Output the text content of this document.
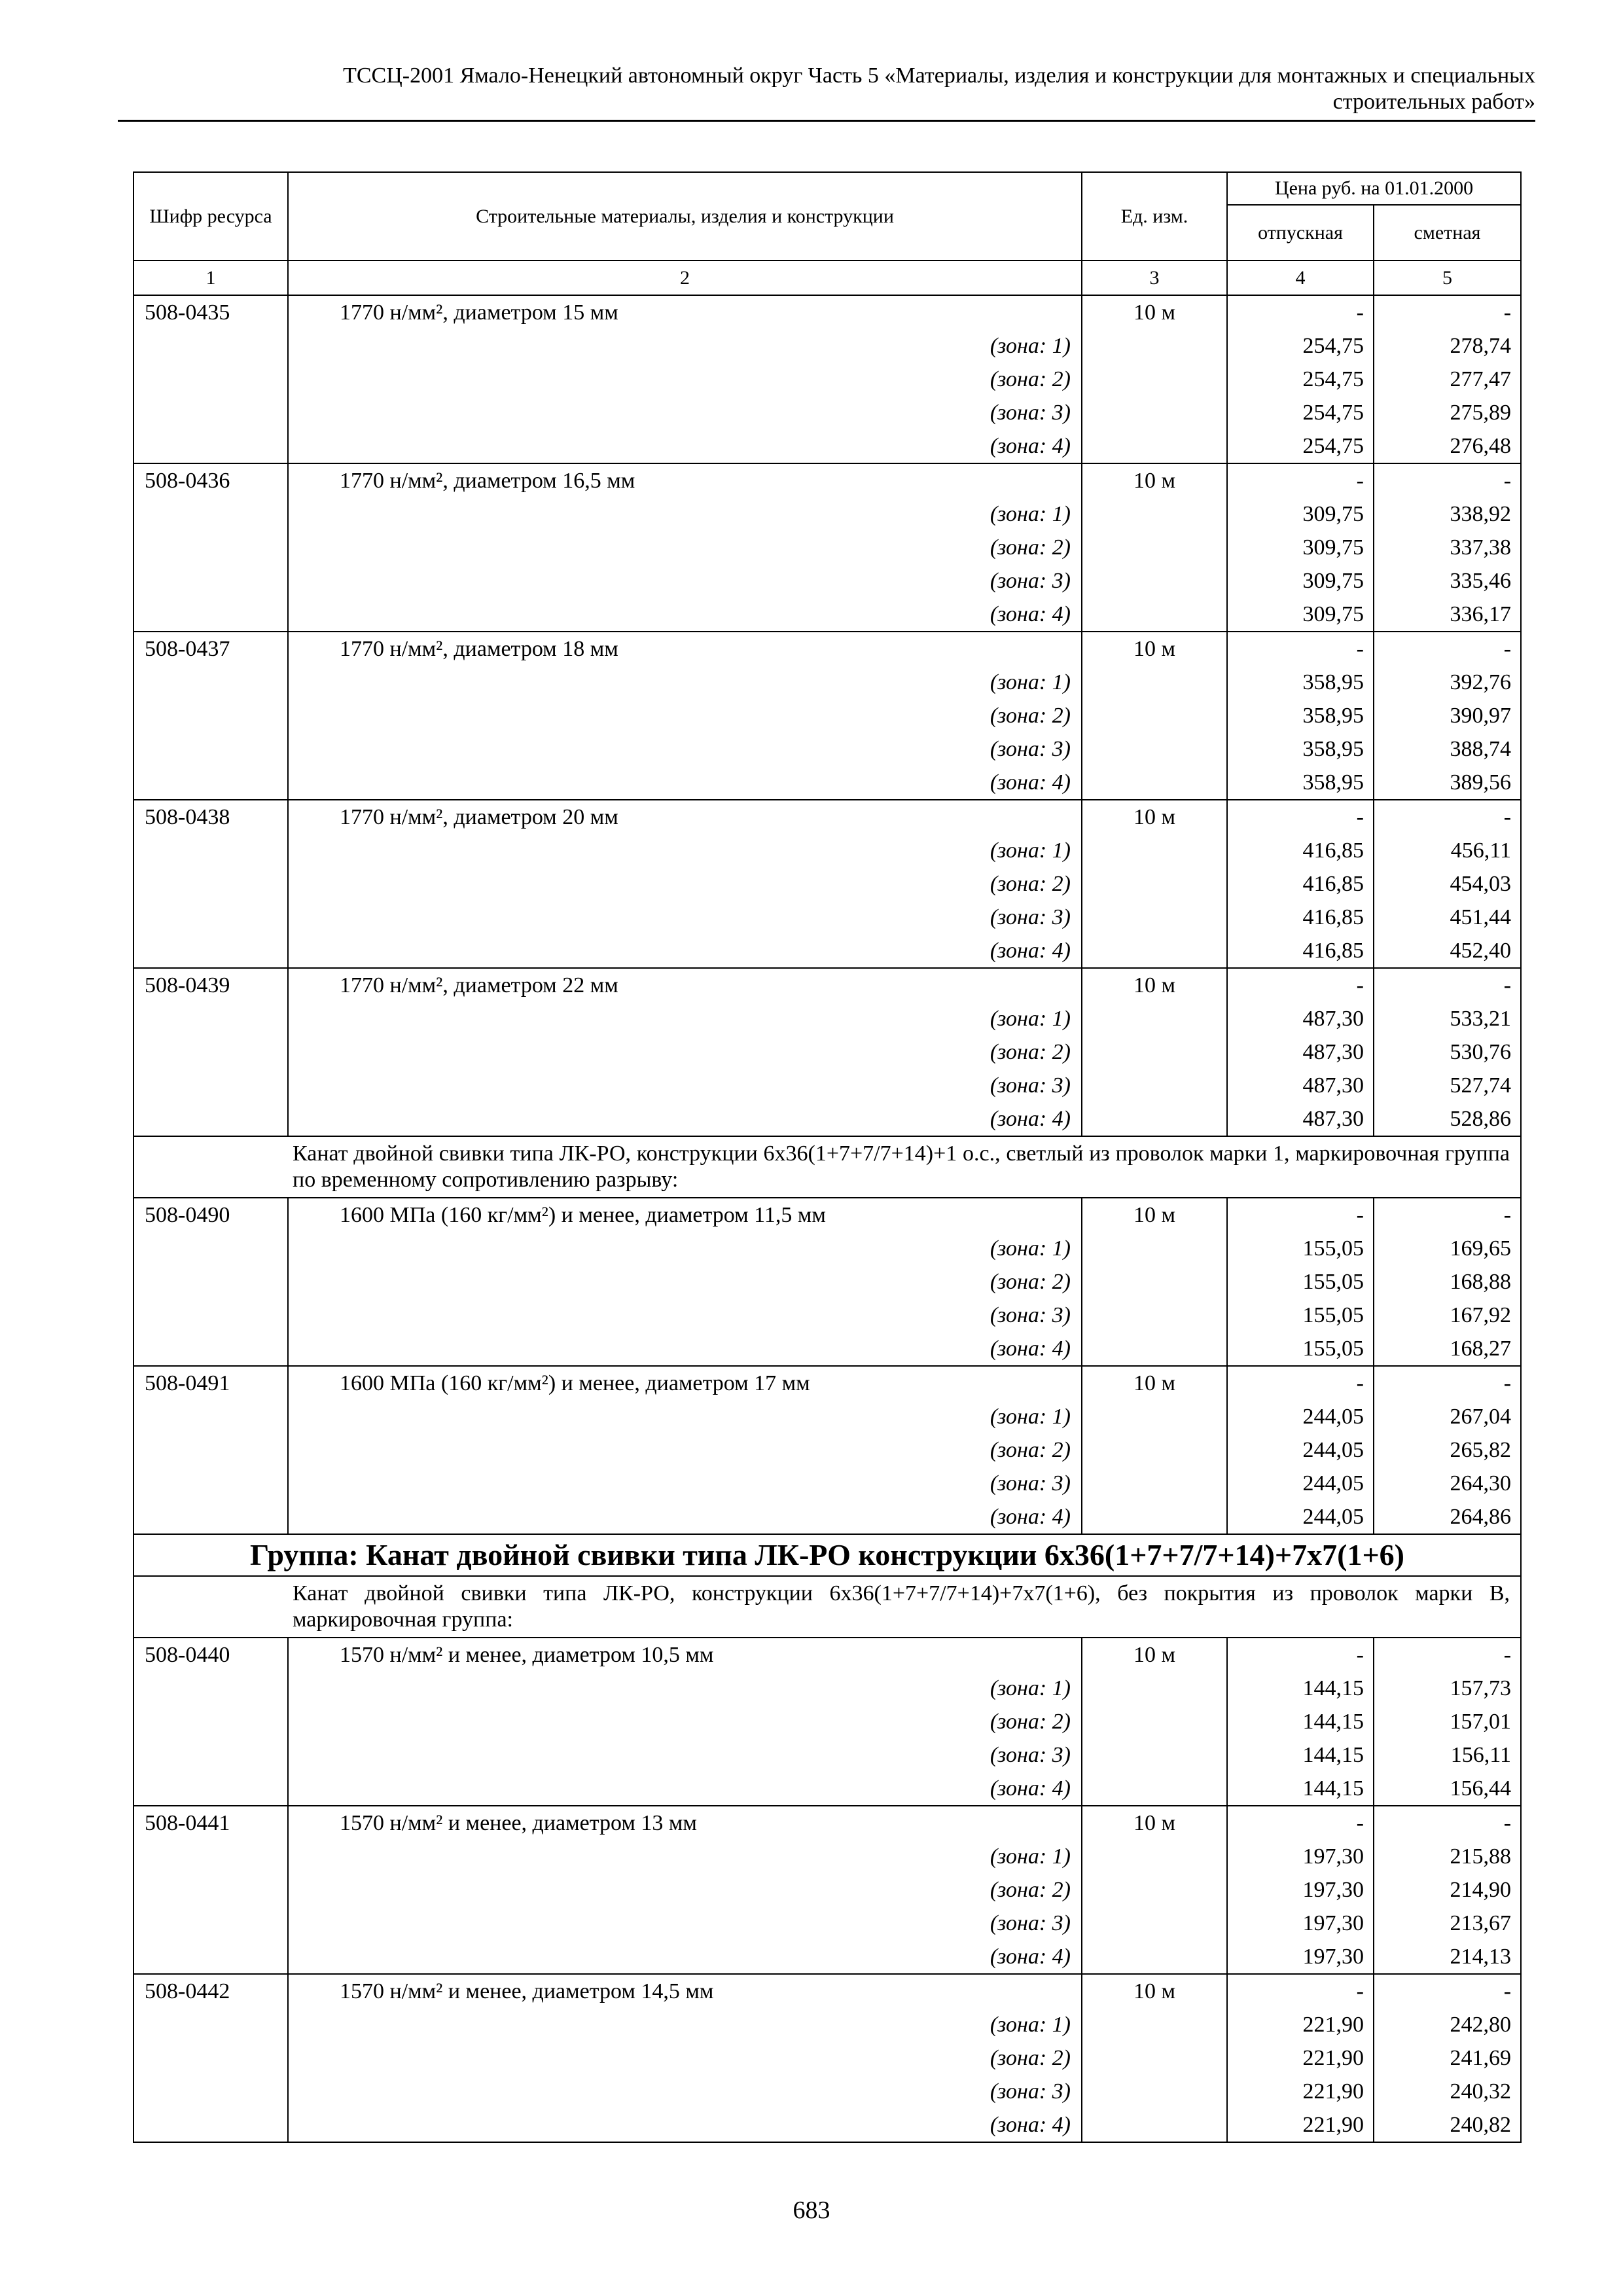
ТССЦ-2001 Ямало-Ненецкий автономный округ Часть 5 «Материалы, изделия и конструкции для монтажных и специальных
строительных работ»
Шифр ресурса	Строительные материалы, изделия и конструкции	Ед. изм.	Цена руб. на 01.01.2000	
			отпускная	сметная
1	2	3	4	5
508-0435	1770 н/мм², диаметром 15 мм	10 м	-	-
	(зона: 1)		254,75	278,74
	(зона: 2)		254,75	277,47
	(зона: 3)		254,75	275,89
	(зона: 4)		254,75	276,48
508-0436	1770 н/мм², диаметром 16,5 мм	10 м	-	-
	(зона: 1)		309,75	338,92
	(зона: 2)		309,75	337,38
	(зона: 3)		309,75	335,46
	(зона: 4)		309,75	336,17
508-0437	1770 н/мм², диаметром 18 мм	10 м	-	-
	(зона: 1)		358,95	392,76
	(зона: 2)		358,95	390,97
	(зона: 3)		358,95	388,74
	(зона: 4)		358,95	389,56
508-0438	1770 н/мм², диаметром 20 мм	10 м	-	-
	(зона: 1)		416,85	456,11
	(зона: 2)		416,85	454,03
	(зона: 3)		416,85	451,44
	(зона: 4)		416,85	452,40
508-0439	1770 н/мм², диаметром 22 мм	10 м	-	-
	(зона: 1)		487,30	533,21
	(зона: 2)		487,30	530,76
	(зона: 3)		487,30	527,74
	(зона: 4)		487,30	528,86
Канат двойной свивки типа ЛК-РО, конструкции 6х36(1+7+7/7+14)+1 о.с., светлый из проволок марки 1, маркировочная группа по временному сопротивлению разрыву:				
508-0490	1600 МПа (160 кг/мм²) и менее, диаметром 11,5 мм	10 м	-	-
	(зона: 1)		155,05	169,65
	(зона: 2)		155,05	168,88
	(зона: 3)		155,05	167,92
	(зона: 4)		155,05	168,27
508-0491	1600 МПа (160 кг/мм²) и менее, диаметром 17 мм	10 м	-	-
	(зона: 1)		244,05	267,04
	(зона: 2)		244,05	265,82
	(зона: 3)		244,05	264,30
	(зона: 4)		244,05	264,86
Группа: Канат двойной свивки типа ЛК-РО конструкции 6х36(1+7+7/7+14)+7х7(1+6)				
Канат двойной свивки типа ЛК-РО, конструкции 6х36(1+7+7/7+14)+7х7(1+6), без покрытия из проволок марки В, маркировочная группа:				
508-0440	1570 н/мм² и менее, диаметром 10,5 мм	10 м	-	-
	(зона: 1)		144,15	157,73
	(зона: 2)		144,15	157,01
	(зона: 3)		144,15	156,11
	(зона: 4)		144,15	156,44
508-0441	1570 н/мм² и менее, диаметром 13 мм	10 м	-	-
	(зона: 1)		197,30	215,88
	(зона: 2)		197,30	214,90
	(зона: 3)		197,30	213,67
	(зона: 4)		197,30	214,13
508-0442	1570 н/мм² и менее, диаметром 14,5 мм	10 м	-	-
	(зона: 1)		221,90	242,80
	(зона: 2)		221,90	241,69
	(зона: 3)		221,90	240,32
	(зона: 4)		221,90	240,82
683
